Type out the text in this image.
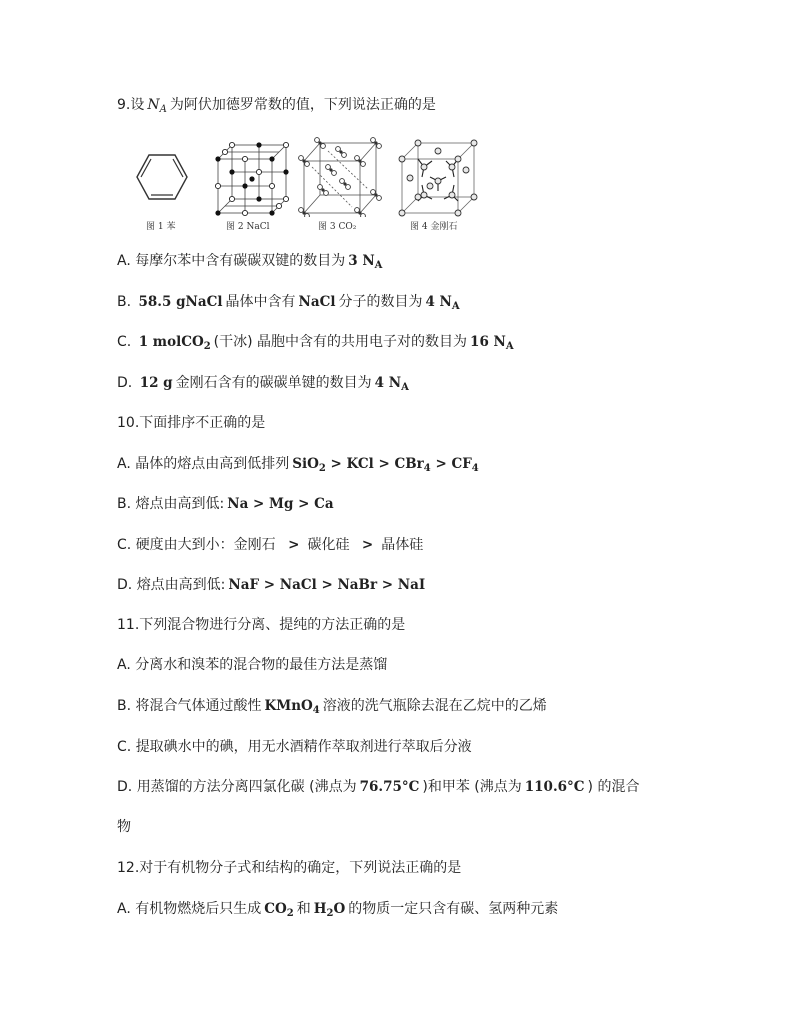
9.设 $N_A$ 为阿伏加德罗常数的值，下列说法正确的是
图 1 苯	图 2 NaCl	图 3 CO₂	图 4 金刚石
A. 每摩尔苯中含有碳碳双键的数目为 3 $N_A$
B. 58.5 gNaCl 晶体中含有 NaCl 分子的数目为 4 $N_A$
C. 1 molCO$_2$ (干冰) 晶胞中含有的共用电子对的数目为 16 $N_A$
D. 12 g 金刚石含有的碳碳单键的数目为 4 $N_A$
10.下面排序不正确的是
A. 晶体的熔点由高到低排列 SiO$_2$ > KCl > $CBr_4 > CF_4$
B. 熔点由高到低: Na > Mg > Ca
C. 硬度由大到小：金刚石 > 碳化硅 > 晶体硅
D. 熔点由高到低: NaF > NaCl > NaBr > NaI
11.下列混合物进行分离、提纯的方法正确的是
A. 分离水和溴苯的混合物的最佳方法是蒸馏
B. 将混合气体通过酸性 KMnO$_4$ 溶液的洗气瓶除去混在乙烷中的乙烯
C. 提取碘水中的碘，用无水酒精作萃取剂进行萃取后分液
D. 用蒸馏的方法分离四氯化碳 (沸点为 76.75°C )和甲苯 (沸点为 110.6°C ) 的混合
物
12.对于有机物分子式和结构的确定，下列说法正确的是
A. 有机物燃烧后只生成 $CO_2$ 和 $H_2O$ 的物质一定只含有碳、氢两种元素
